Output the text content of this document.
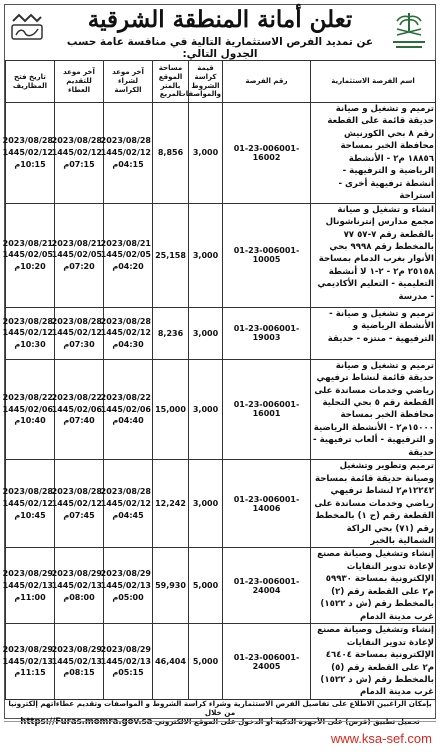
تعلن أمانة المنطقة الشرقية
عن تمديد الفرص الاستثمارية التالية في منافسة عامة حسب الجدول التالي:
اسم الفرصة الاستثمارية	رقم الفرصة	قيمة كراسة الشروط والمواصفات	مساحة الموقع بالمتر المربع	آخر موعد لشراء الكراسة	آخر موعد للتقديم العطاء	تاريخ فتح المظاريف
ترميم و تشغيل و صيانة حديقة قائمة على القطعة رقم ٨ بحي الكورنيش محافظة الخبر بمساحة ١٨٨٥٦ م٢ - الأنشطة الرياضية و الترفيهية - أنشطة ترفيهية أخرى - استراحة	01-23-006001-16002	3,000	8,856	2023/08/28
1445/02/12
04:15م	2023/08/28
1445/02/12
07:15م	2023/08/28
1445/02/12
10:15م

انشاء و تشغيل و صيانة مجمع مدارس إنترناشونال بالقطعة رقم ٧-٥٧ ٧٧ بالمخطط رقم ٩٩٩٨ بحي الأنوار بغرب الدمام بمساحة ٢٥١٥٨ م٢ - ٢-١ لا أنشطة التعليمية - التعليم الأكاديمي - مدرسة	01-23-006001-10005	3,000	25,158	2023/08/21
1445/02/05
04:20م	2023/08/21
1445/02/05
07:20م	2023/08/21
1445/02/05
10:20م

ترميم و تشغيل و صيانة - الأنشطة الرياضية و الترفيهية - منتزه - حديقة	01-23-006001-19003	3,000	8,236	2023/08/28
1445/02/12
04:30م	2023/08/28
1445/02/12
07:30م	2023/08/28
1445/02/12
10:30م

ترميم و تشغيل و صيانة حديقة قائمة لنشاط ترفيهي رياضي وخدمات مساندة على القطعة رقم ٥ بحي التحلية محافظة الخبر بمساحة ١٥٠٠٠م٢ - الأنشطة الرياضية و الترفيهية - ألعاب ترفيهية - حديقة	01-23-006001-16001	3,000	15,000	2023/08/22
1445/02/06
04:40م	2023/08/22
1445/02/06
07:40م	2023/08/22
1445/02/06
10:40م

ترميم وتطوير وتشغيل وصيانة حديقة قائمة بمساحة ١٢٢٤٢م٢ لنشاط ترفيهي رياضي وخدمات مساندة على القطعة رقم (ح ١) بالمخطط رقم (٧١) بحي الراكة الشمالية بالخبر	01-23-006001-14006	3,000	12,242	2023/08/28
1445/02/12
04:45م	2023/08/28
1445/02/12
07:45م	2023/08/28
1445/02/12
10:45م

إنشاء وتشغيل وصيانة مصنع لإعادة تدوير النفايات الإلكترونية بمساحة ٥٩٩٣٠ م٢ على القطعة رقم (٢) بالمخطط رقم (ش د ١٥٢٢) غرب مدينة الدمام	01-23-006001-24004	5,000	59,930	2023/08/29
1445/02/13
05:00م	2023/08/29
1445/02/13
08:00م	2023/08/29
1445/02/13
11:00م

إنشاء وتشغيل وصيانة مصنع لإعادة تدوير النفايات الإلكترونية بمساحة ٤٦٤٠٤ م٢ على القطعة رقم (٥) بالمخطط رقم (ش د ١٥٢٢) غرب مدينة الدمام	01-23-006001-24005	5,000	46,404	2023/08/29
1445/02/13
05:15م	2023/08/29
1445/02/13
08:15م	2023/08/29
1445/02/13
11:15م
بإمكان الراغبين الاطلاع على تفاصيل الفرص الاستثمارية وشراء كراسة الشروط و المواصفات وتقديم عطاءاتهم إلكترونيا من خلال
تحميل تطبيق (فرص) على الأجهزة الذكية أو الدخول على الموقع الالكتروني https://Furas.momra.gov.sa
www.ksa-sef.com
